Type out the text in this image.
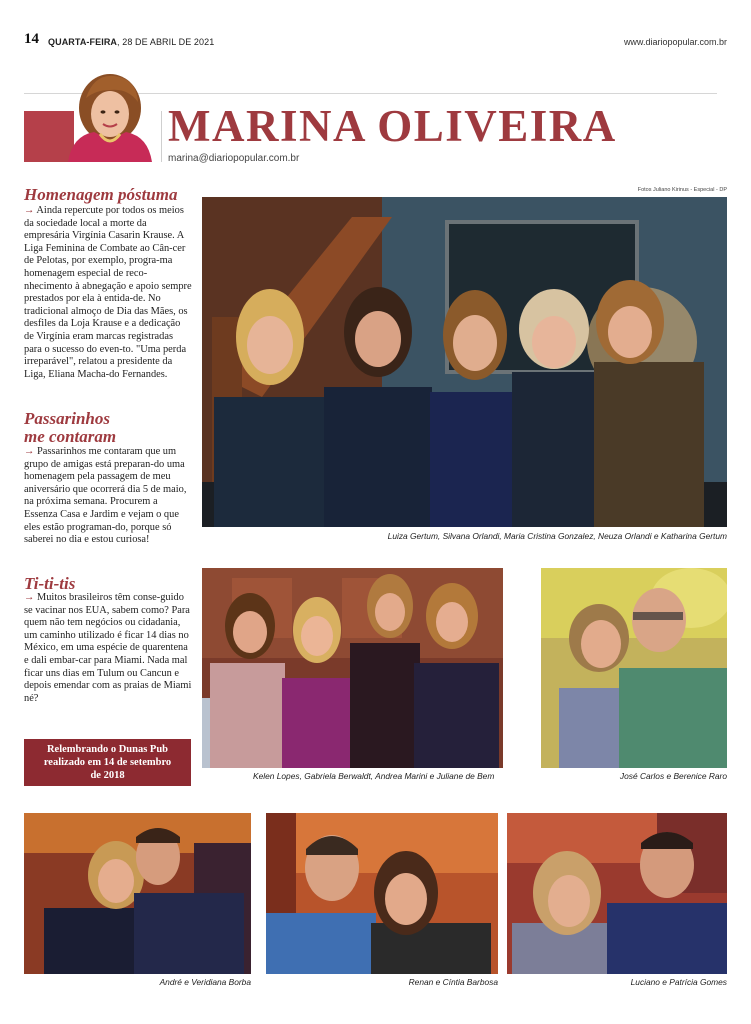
14 QUARTA-FEIRA, 28 DE ABRIL DE 2021	www.diariopopular.com.br
MARINA OLIVEIRA
marina@diariopopular.com.br
Homenagem póstuma
→ Ainda repercute por todos os meios da sociedade local a morte da empresária Virgínia Casarin Krause. A Liga Feminina de Combate ao Cân-cer de Pelotas, por exemplo, progra-ma homenagem especial de reco-nhecimento à abnegação e apoio sempre prestados por ela à entida-de. No tradicional almoço de Dia das Mães, os desfiles da Loja Krause e a dedicação de Virgínia eram marcas registradas para o sucesso do even-to. "Uma perda irreparável", relatou a presidente da Liga, Eliana Macha-do Fernandes.
Passarinhos
me contaram
→ Passarinhos me contaram que um grupo de amigas está preparan-do uma homenagem pela passagem de meu aniversário que ocorrerá dia 5 de maio, na próxima semana. Procurem a Essenza Casa e Jardim e vejam o que eles estão programan-do, porque só saberei no dia e estou curiosa!
Ti-ti-tis
→ Muitos brasileiros têm conse-guido se vacinar nos EUA, sabem como? Para quem não tem negócios ou cidadania, um caminho utilizado é ficar 14 dias no México, em uma espécie de quarentena e dali embar-car para Miami. Nada mal ficar uns dias em Tulum ou Cancun e depois emendar com as praias de Miami né?
Relembrando o Dunas Pub
realizado em 14 de setembro
de 2018
Fotos Juliano Kirinus - Especial - DP
Luiza Gertum, Silvana Orlandi, Maria Cristina Gonzalez, Neuza Orlandi e Katharina Gertum
Kelen Lopes, Gabriela Berwaldt, Andrea Marini e Juliane de Bem	José Carlos e Berenice Raro
André e Veridiana Borba	Renan e Cíntia Barbosa	Luciano e Patrícia Gomes
